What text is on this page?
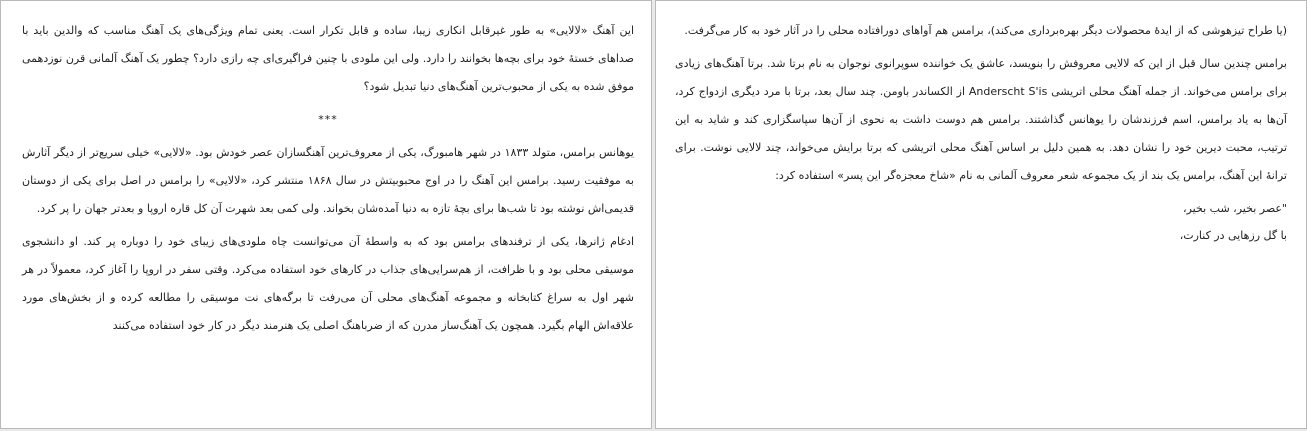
این آهنگ «لالایی» به طور غیرقابل انکاری زیبا، ساده و قابل تکرار است. یعنی تمام ویژگی‌های یک آهنگ مناسب که والدین باید با صداهای خستهٔ خود برای بچه‌ها بخوانند را دارد. ولی این ملودی با چنین فراگیری‌ای چه رازی دارد؟ چطور یک آهنگ آلمانی قرن نوزدهمی موفق شده به یکی از محبوب‌ترین آهنگ‌های دنیا تبدیل شود؟

***

یوهانس برامس، متولد ۱۸۳۳ در شهر هامبورگ، یکی از معروف‌ترین آهنگسازان عصر خودش بود. «لالایی» خیلی سریع‌تر از دیگر آثارش به موفقیت رسید. برامس این آهنگ را در اوج محبوبیتش در سال ۱۸۶۸ منتشر کرد، «لالایی» را برامس در اصل برای یکی از دوستان قدیمی‌اش نوشته بود تا شب‌ها برای بچهٔ تازه به دنیا آمده‌شان بخواند. ولی کمی بعد شهرت آن کل قاره اروپا و بعدتر جهان را پر کرد.

ادغام ژانرها، یکی از ترفندهای برامس بود که به واسطهٔ آن می‌توانست چاه ملودی‌های زیبای خود را دوباره پر کند. او دانشجوی موسیقی محلی بود و با ظرافت، از هم‌سرایی‌های جذاب در کارهای خود استفاده می‌کرد. وقتی سفر در اروپا را آغاز کرد، معمولاً در هر شهر اول به سراغ کتابخانه و مجموعه آهنگ‌های محلی آن می‌رفت تا برگه‌های نت موسیقی را مطالعه کرده و از بخش‌های مورد علاقه‌اش الهام بگیرد. همچون یک آهنگ‌ساز مدرن که از ضرباهنگ اصلی یک هنرمند دیگر در کار خود استفاده می‌کنند

(یا طراح تیزهوشی که از ایدهٔ محصولات دیگر بهره‌برداری می‌کند)، برامس هم آواهای دورافتاده محلی را در آثار خود به کار می‌گرفت.

برامس چندین سال قبل از این که لالایی معروفش را بنویسد، عاشق یک خواننده سوپرانوی نوجوان به نام برتا شد. برتا آهنگ‌های زیادی برای برامس می‌خواند. از جمله آهنگ محلی اتریشی Anderscht S'is از الکساندر باومن. چند سال بعد، برتا با مرد دیگری ازدواج کرد، آن‌ها به یاد برامس، اسم فرزندشان را یوهانس گذاشتند. برامس هم دوست داشت به نحوی از آن‌ها سپاسگزاری کند و شاید به این ترتیب، محبت دیرین خود را نشان دهد. به همین دلیل بر اساس آهنگ محلی اتریشی که برتا برایش می‌خواند، چند لالایی نوشت. برای ترانهٔ این آهنگ، برامس یک بند از یک مجموعه شعر معروف آلمانی به نام «شاخ معجزه‌گر این پسر» استفاده کرد:

"عصر بخیر، شب بخیر،

با گل رزهایی در کنارت،
